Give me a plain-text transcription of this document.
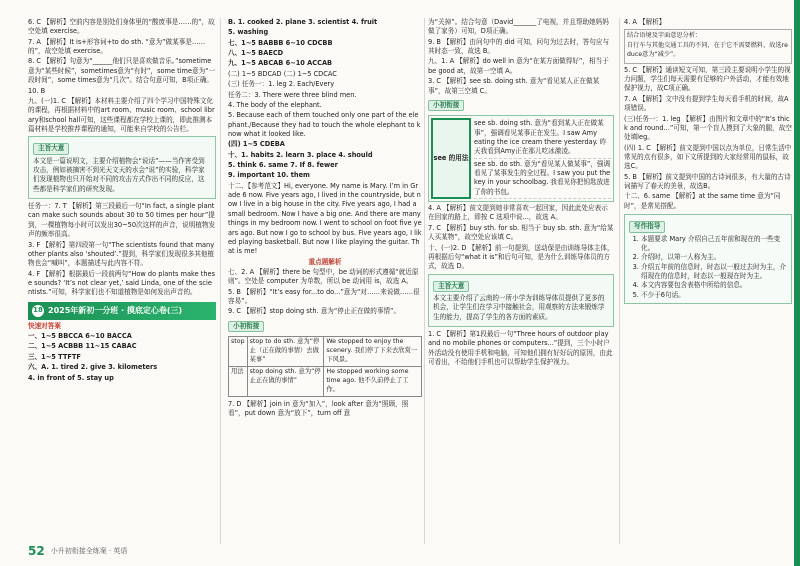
6. C 【解析】空前内容是别处们身体里的“酸废事是……的”，故空处填 exercise。

7. A 【解析】It is+形容词+to do sth. “意为”做某事是……的”，故空处填 exercise。

8. C 【解析】句意为“______他们只是喜欢做音乐。”sometime意为“某些时候”，sometimes意为“有时”，some time意为“一段时间”，some times意为“几次”。结合句意可知，B项正确。

10. B

九、(一)1. C 【解析】本材料主要介绍了四个学习中国特殊文化的课程，再根据材料中的art room、music room、school library和school hall可知，这些课程都在学校上课的，即此推测本篇材料是学校推荐课程的通知，可能来自学校的公告栏。

主旨大意

本文是一篇说明文，主要介绍植物会“说话”——当作害受到攻击，例如被摘害不到光天文天的水会“说”的实验，科学家们发现植物也只开始对不同的攻击方式作出不同的反应，这些都是科学家们的研究发现。

任务一：7. T 【解析】第三段最后一句“In fact, a single plant can make such sounds about 30 to 50 times per hour”提到，一棵植物每小时可以发出30~50次这样的声音，说明植物发声的频率很高。

3. F 【解析】第四段第一句“The scientists found that many other plants also ‘shouted’.”提到，科学家们发现很多其他植物也会“喊叫”，本题描述与此内容不符。

4. F 【解析】根据最后一段前两句“How do plants make these sounds? ‘It’s not clear yet,’ said Linda, one of the scientists.”可知，科学家们也不知道植物是如何发出声音的。

18 2025年新初一分班 · 摸底定心卷(三)

快速对答案

一、1~5 BBCCA 6~10 BACCA

二、1~5 ACBBB 11~15 CABAC

三、1~5 TTFTF

六、A. 1. tired 2. give 3. kilometers

4. in front of 5. stay up

B. 1. cooked 2. plane 3. scientist 4. fruit

5. washing

七、1~5 BABBB 6~10 CDCBB

八、1~5 BAECD

九、1~5 ABCAB 6~10 ACCAB

(二) 1~5 BDCAD (二) 1~5 CDCAC

(三) 任务一：1. leg 2. Each/Every

任务二：3. There were three blind men.

4. The body of the elephant.

5. Because each of them touched only one part of the elephant./Because they had to touch the whole elephant to know what it looked like.

(四) 1~5 CDEBA

十、1. habits 2. learn 3. place 4. should

5. think 6. same 7. If 8. fewer

9. important 10. them

十二、【参考范文】Hi, everyone. My name is Mary. I’m in Grade 6 now. Five years ago, I lived in the countryside, but now I live in a big house in the city. Five years ago, I had a small bedroom. Now I have a big one. And there are many things in my bedroom now. I went to school on foot five years ago. But now I go to school by bus. Five years ago, I liked playing basketball. But now I like playing the guitar. That is me!

重点题解析

七、2. A 【解析】there be 句型中，be 动词的形式遵循“就近原则”。空处是 computer 为单数，所以 be 动词用 is，故选 A。

5. B 【解析】“It’s easy for...to do...”意为“对……来说做……很容易”。

9. C 【解析】stop doing sth. 意为“停止正在做的事情”。

小初衔接
stop	stop to do sth. 意为“停止（正在做的事情）去做某事”	We stopped to enjoy the scenery. 我们停了下来去欣赏一下风景。
用法	stop doing sth. 意为“停止正在做的事情”	He stopped working some time ago. 他不久前停止了工作。

7. D 【解析】join in 意为“加入”，look after 意为“照顾，照看”，put down 意为“放下”，turn off 意

为“关掉”。结合句意（David_______了电视，并且帮助她妈妈做了家务）可知，D项正确。

9. B 【解析】由问句中的 did 可知，问句为过去时，答句应与其时态一致，故选 B。

九、1. A 【解析】do well in 意为“在某方面做得好”，相当于 be good at，故第一空填 A。

3. C 【解析】see sb. doing sth. 意为“看见某人正在做某事”，故第三空填 C。

小初衔接
see 的用法
see sb. doing sth. 意为“看到某人正在做某事”，强调看见某事正在发生。I saw Amy eating the ice cream there yesterday. 昨天我看到Amy正在那儿吃冰激凌。
see sb. do sth. 意为“看见某人做某事”，强调看见了某事发生的全过程。I saw you put the key in your schoolbag. 我看见你把钥匙放进了你的书包。

4. A 【解析】前文提到她非常喜欢一起回家，因此此处应表示在回家的路上，即按 C 选项中说...，故选 A。

7. C 【解析】buy sth. for sb. 相当于 buy sb. sth. 意为“给某人买某物”，故空处应该填 C。

十、(一)2. D 【解析】前一句提到，送动保是由训练导体主体，再根据后句“what it is”和后句可知，是为什么训练导体员的方式，故选 D。

主旨大意

本文主要介绍了云南的一所小学为训练导体员提供了更多的机会，让学生们在学习中接触社会，用观察的方法来锻炼学生的能力，提高了学生的各方面的素质。

1. C 【解析】第1段最后一句“Three hours of outdoor play and no mobile phones or computers...”提到，三个小时户外活动没有使用手机和电脑，可知他们拥有好好玩的原因，由此可看出，不给他们手机也可以帮助学生保护视力。

4. A 【解析】

结合语境及字面意思分析：

自行车与其他交通工具的不同，在于它不需要燃料，故选reduce意为“减少”。

5. C 【解析】通读短文可知，第三段主要说明小学生的视力问题，学生们每天需要有足够的户外活动，才能有效地保护视力，故C项正确。

7. A 【解析】文中没有提到学生每天看手机的时间，故A项错误。

(三)任务一：1. leg 【解析】由图片和文章中的“It’s thick and round...”可知，第一个盲人摸到了大象的腿，故空处填leg。

(四) 1. C 【解析】前文提到中国以点为单位，日常生活中常见的点有很多，如下文所提到的大家经常用的鼠标，故选C。

5. B 【解析】前文提到中国的古诗词很多，有大量的古诗词描写了春天的美景，故选B。

十二、6. same 【解析】at the same time 意为“同时”，是常见搭配。

写作指导
1. 本题要求 Mary 介绍自己五年前和现在的一些变化。
2. 介绍时，以第一人称为主。
3. 介绍五年前的信息时，时态以一般过去时为主，介绍现在的信息时，时态以一般现在时为主。
4. 本文内容要包含表格中所给的信息。
5. 不少于6句话。
52 小升初衔接全练案 · 英语
